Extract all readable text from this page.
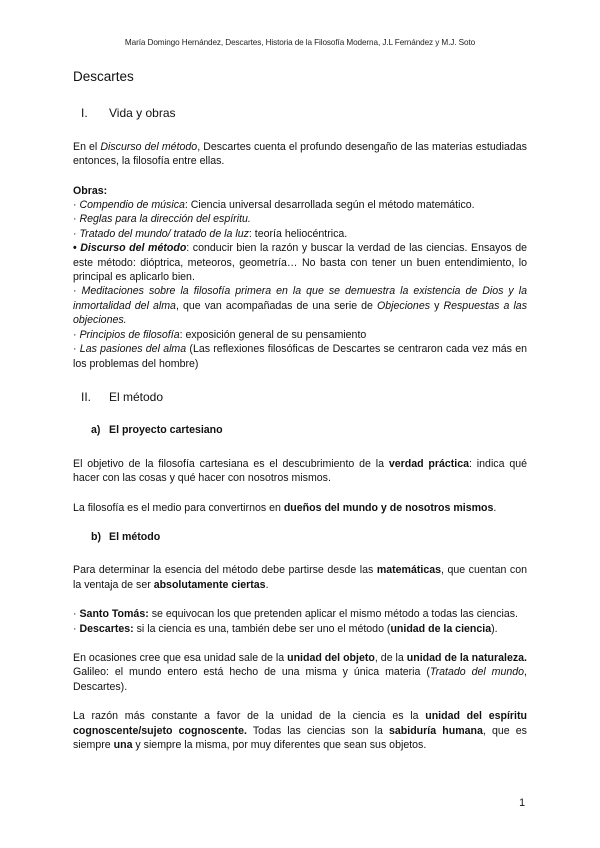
María Domingo Hernández, Descartes, Historia de la Filosofía Moderna, J.L Fernández y M.J. Soto
Descartes
I.	Vida y obras

En el Discurso del método, Descartes cuenta el profundo desengaño de las materias estudiadas entonces, la filosofía entre ellas.

Obras:

· Compendio de música: Ciencia universal desarrollada según el método matemático.

· Reglas para la dirección del espíritu.

· Tratado del mundo/ tratado de la luz: teoría heliocéntrica.

• Discurso del método: conducir bien la razón y buscar la verdad de las ciencias. Ensayos de este método: dióptrica, meteoros, geometría… No basta con tener un buen entendimiento, lo principal es aplicarlo bien.

· Meditaciones sobre la filosofía primera en la que se demuestra la existencia de Dios y la inmortalidad del alma, que van acompañadas de una serie de Objeciones y Respuestas a las objeciones.

· Principios de filosofía: exposición general de su pensamiento

· Las pasiones del alma (Las reflexiones filosóficas de Descartes se centraron cada vez más en los problemas del hombre)

II.	El método
a) El proyecto cartesiano

El objetivo de la filosofía cartesiana es el descubrimiento de la verdad práctica: indica qué hacer con las cosas y qué hacer con nosotros mismos.

La filosofía es el medio para convertirnos en dueños del mundo y de nosotros mismos.

b) El método

Para determinar la esencia del método debe partirse desde las matemáticas, que cuentan con la ventaja de ser absolutamente ciertas.

· Santo Tomás: se equivocan los que pretenden aplicar el mismo método a todas las ciencias.

· Descartes: si la ciencia es una, también debe ser uno el método (unidad de la ciencia).

En ocasiones cree que esa unidad sale de la unidad del objeto, de la unidad de la naturaleza. Galileo: el mundo entero está hecho de una misma y única materia (Tratado del mundo, Descartes).

La razón más constante a favor de la unidad de la ciencia es la unidad del espíritu cognoscente/sujeto cognoscente. Todas las ciencias son la sabiduría humana, que es siempre una y siempre la misma, por muy diferentes que sean sus objetos.

1
